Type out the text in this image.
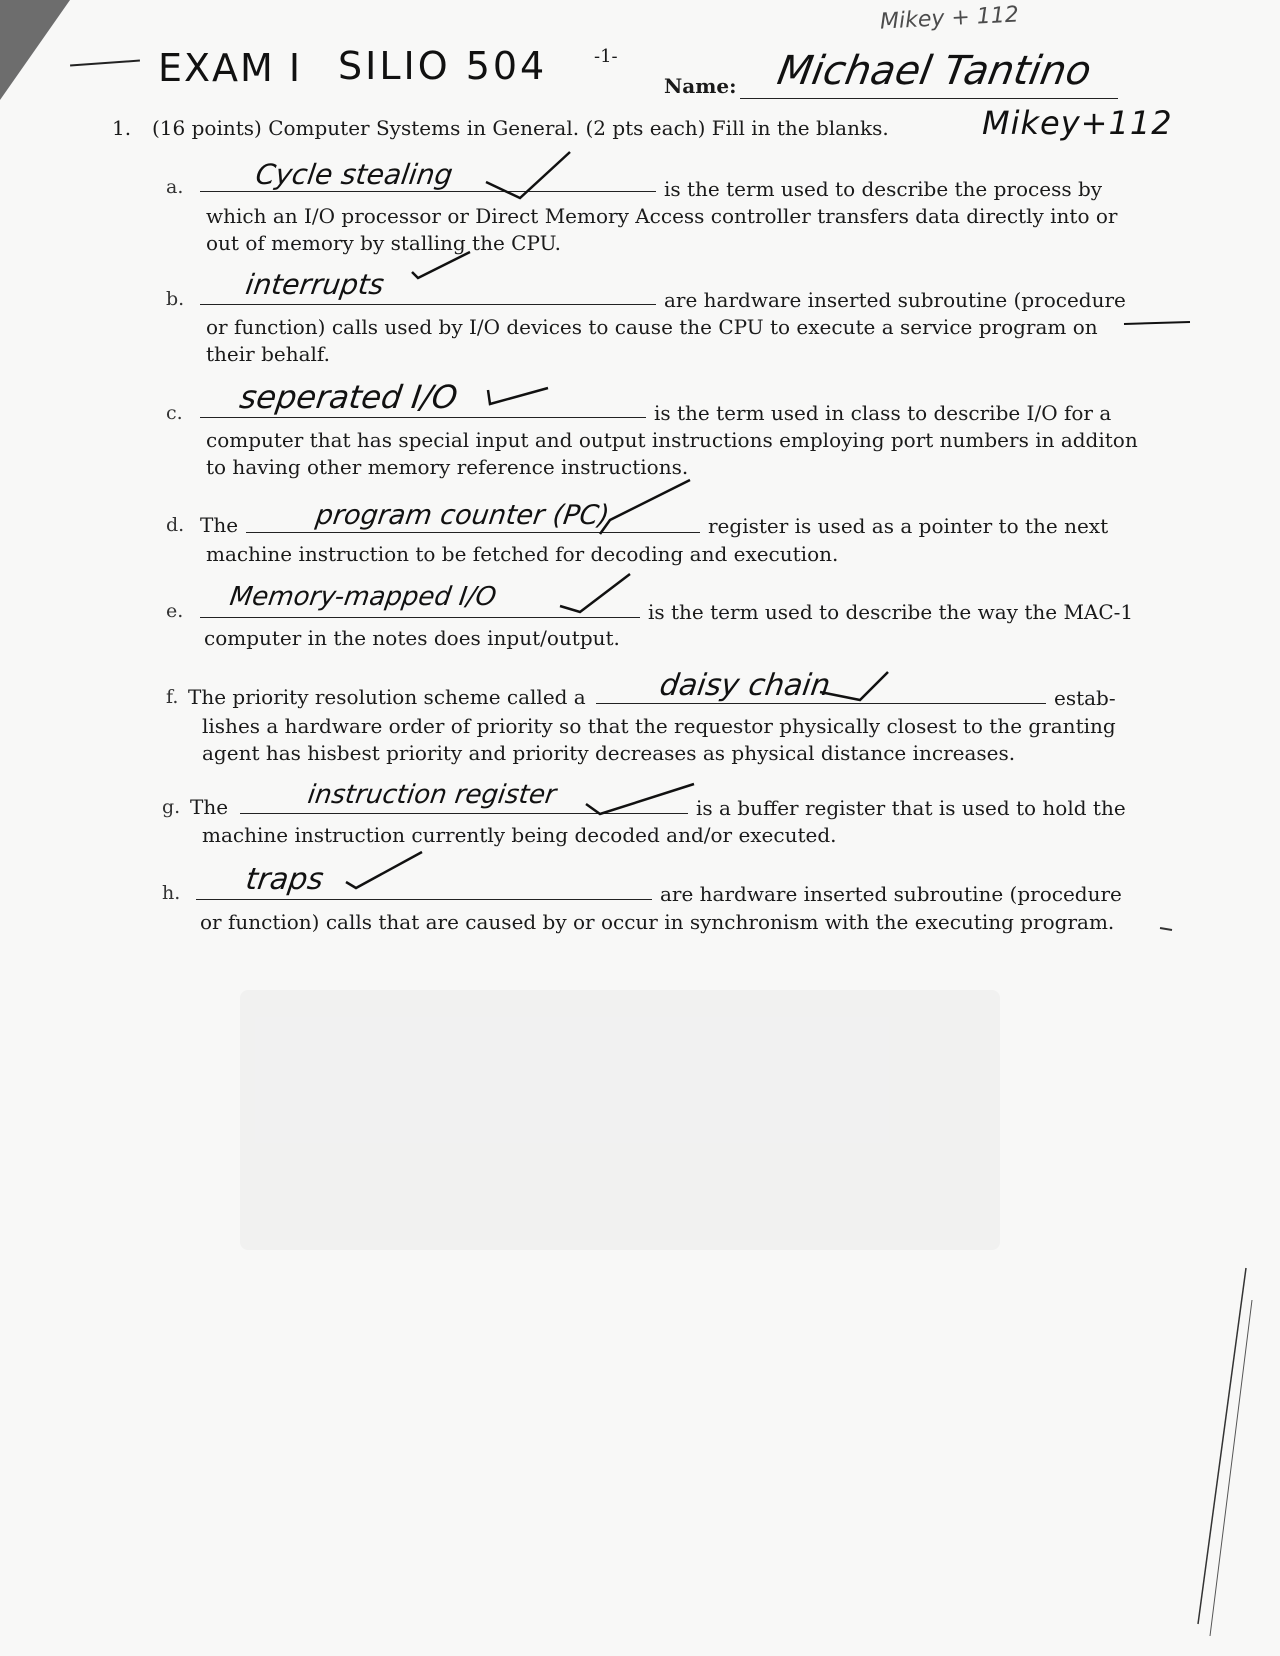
EXAM I SILIO 504	-1-
Mikey + 112
Name: Michael Tantino
Mikey+112
1. (16 points) Computer Systems in General. (2 pts each) Fill in the blanks.
a.	Cycle stealing	is the term used to describe the process by
which an I/O processor or Direct Memory Access controller transfers data directly into or
out of memory by stalling the CPU.
b. interrupts	are hardware inserted subroutine (procedure
or function) calls used by I/O devices to cause the CPU to execute a service program on
their behalf.
c. seperated I/O	is the term used in class to describe I/O for a
computer that has special input and output instructions employing port numbers in additon
to having other memory reference instructions.
d. The	program counter (PC)	register is used as a pointer to the next
machine instruction to be fetched for decoding and execution.
e. Memory-mapped I/O	is the term used to describe the way the MAC-1
computer in the notes does input/output.
f. The priority resolution scheme called a daisy chain	estab-
lishes a hardware order of priority so that the requestor physically closest to the granting
agent has hisbest priority and priority decreases as physical distance increases.
g. The	instruction register	is a buffer register that is used to hold the
machine instruction currently being decoded and/or executed.
h. traps	are hardware inserted subroutine (procedure
or function) calls that are caused by or occur in synchronism with the executing program.
